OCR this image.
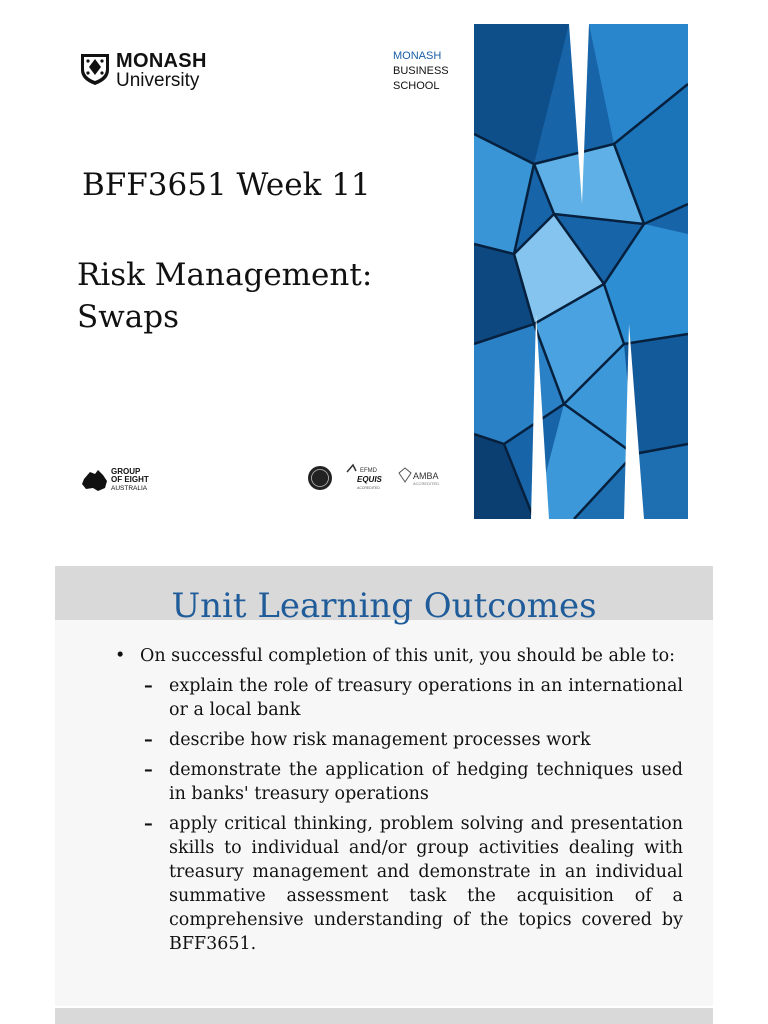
MONASH
University
MONASH
BUSINESS
SCHOOL
BFF3651 Week 11
Risk Management:
Swaps
GROUP
OF EIGHT
AUSTRALIA
EFMD
EQUIS
ACCREDITED
AMBA
ACCREDITED
Unit Learning Outcomes
• On successful completion of this unit, you should be able to:
– explain the role of treasury operations in an international or a local bank
– describe how risk management processes work
– demonstrate the application of hedging techniques used in banks' treasury operations
– apply critical thinking, problem solving and presentation skills to individual and/or group activities dealing with treasury management and demonstrate in an individual summative assessment task the acquisition of a comprehensive understanding of the topics covered by BFF3651.
